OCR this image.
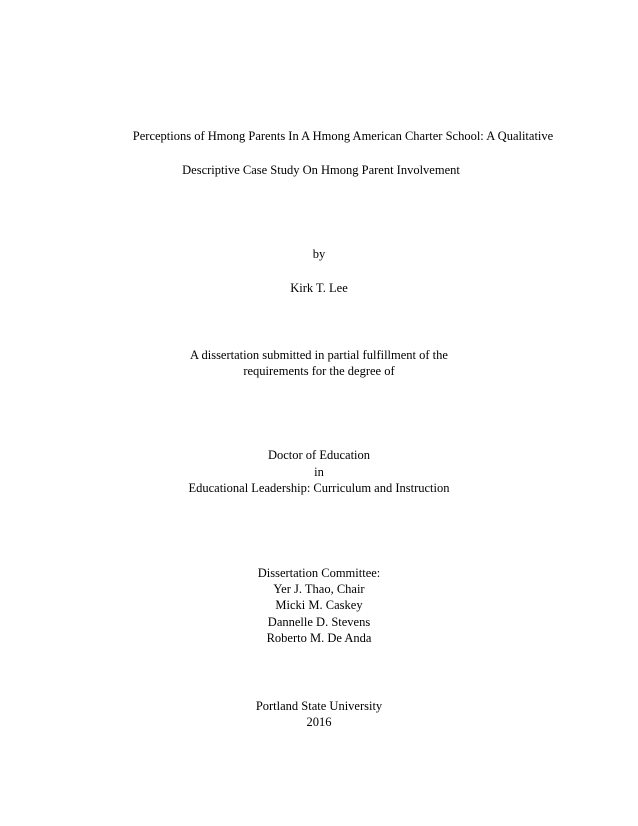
Perceptions of Hmong Parents In A Hmong American Charter School: A Qualitative
Descriptive Case Study On Hmong Parent Involvement
by
Kirk T. Lee
A dissertation submitted in partial fulfillment of the
requirements for the degree of
Doctor of Education
in
Educational Leadership: Curriculum and Instruction
Dissertation Committee:
Yer J. Thao, Chair
Micki M. Caskey
Dannelle D. Stevens
Roberto M. De Anda
Portland State University
2016
